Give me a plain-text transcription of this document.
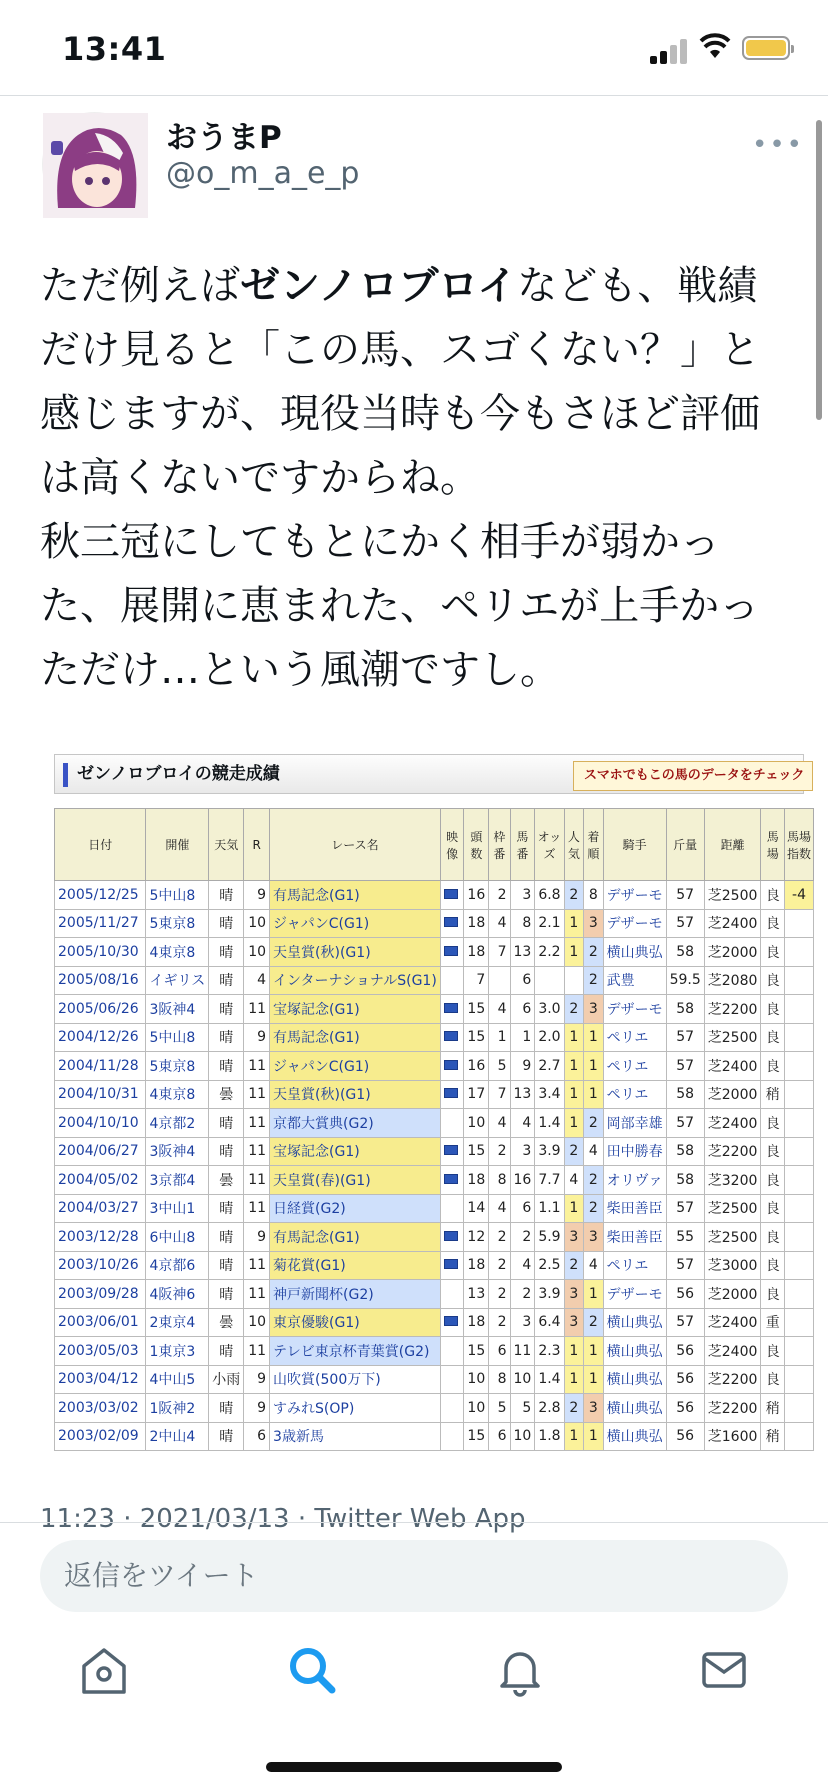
13:41
おうまP
@o_m_a_e_p
•••
ただ例えばゼンノロブロイなども、戦績だけ見ると「この馬、スゴくない？」と感じますが、現役当時も今もさほど評価は高くないですからね。
秋三冠にしてもとにかく相手が弱かった、展開に恵まれた、ペリエが上手かっただけ…という風潮ですし。
ゼンノロブロイの競走成績	スマホでもこの馬のデータをチェック
日付	開催	天気	R	レース名	映像	頭数	枠番	馬番	オッズ	人気	着順	騎手	斤量	距離	馬場	馬場指数
2005/12/25	5中山8	晴	9	有馬記念(G1)		16	2	3	6.8	2	8	デザーモ	57	芝2500	良	-4
2005/11/27	5東京8	晴	10	ジャパンC(G1)		18	4	8	2.1	1	3	デザーモ	57	芝2400	良	
2005/10/30	4東京8	晴	10	天皇賞(秋)(G1)		18	7	13	2.2	1	2	横山典弘	58	芝2000	良	
2005/08/16	イギリス	晴	4	インターナショナルS(G1)		7		6			2	武豊	59.5	芝2080	良	
2005/06/26	3阪神4	晴	11	宝塚記念(G1)		15	4	6	3.0	2	3	デザーモ	58	芝2200	良	
2004/12/26	5中山8	晴	9	有馬記念(G1)		15	1	1	2.0	1	1	ペリエ	57	芝2500	良	
2004/11/28	5東京8	晴	11	ジャパンC(G1)		16	5	9	2.7	1	1	ペリエ	57	芝2400	良	
2004/10/31	4東京8	曇	11	天皇賞(秋)(G1)		17	7	13	3.4	1	1	ペリエ	58	芝2000	稍	
2004/10/10	4京都2	晴	11	京都大賞典(G2)		10	4	4	1.4	1	2	岡部幸雄	57	芝2400	良	
2004/06/27	3阪神4	晴	11	宝塚記念(G1)		15	2	3	3.9	2	4	田中勝春	58	芝2200	良	
2004/05/02	3京都4	曇	11	天皇賞(春)(G1)		18	8	16	7.7	4	2	オリヴァ	58	芝3200	良	
2004/03/27	3中山1	晴	11	日経賞(G2)		14	4	6	1.1	1	2	柴田善臣	57	芝2500	良	
2003/12/28	6中山8	晴	9	有馬記念(G1)		12	2	2	5.9	3	3	柴田善臣	55	芝2500	良	
2003/10/26	4京都6	晴	11	菊花賞(G1)		18	2	4	2.5	2	4	ペリエ	57	芝3000	良	
2003/09/28	4阪神6	晴	11	神戸新聞杯(G2)		13	2	2	3.9	3	1	デザーモ	56	芝2000	良	
2003/06/01	2東京4	曇	10	東京優駿(G1)		18	2	3	6.4	3	2	横山典弘	57	芝2400	重	
2003/05/03	1東京3	晴	11	テレビ東京杯青葉賞(G2)		15	6	11	2.3	1	1	横山典弘	56	芝2400	良	
2003/04/12	4中山5	小雨	9	山吹賞(500万下)		10	8	10	1.4	1	1	横山典弘	56	芝2200	良	
2003/03/02	1阪神2	晴	9	すみれS(OP)		10	5	5	2.8	2	3	横山典弘	56	芝2200	稍	
2003/02/09	2中山4	晴	6	3歳新馬		15	6	10	1.8	1	1	横山典弘	56	芝1600	稍	
11:23 · 2021/03/13 · Twitter Web App
返信をツイート
